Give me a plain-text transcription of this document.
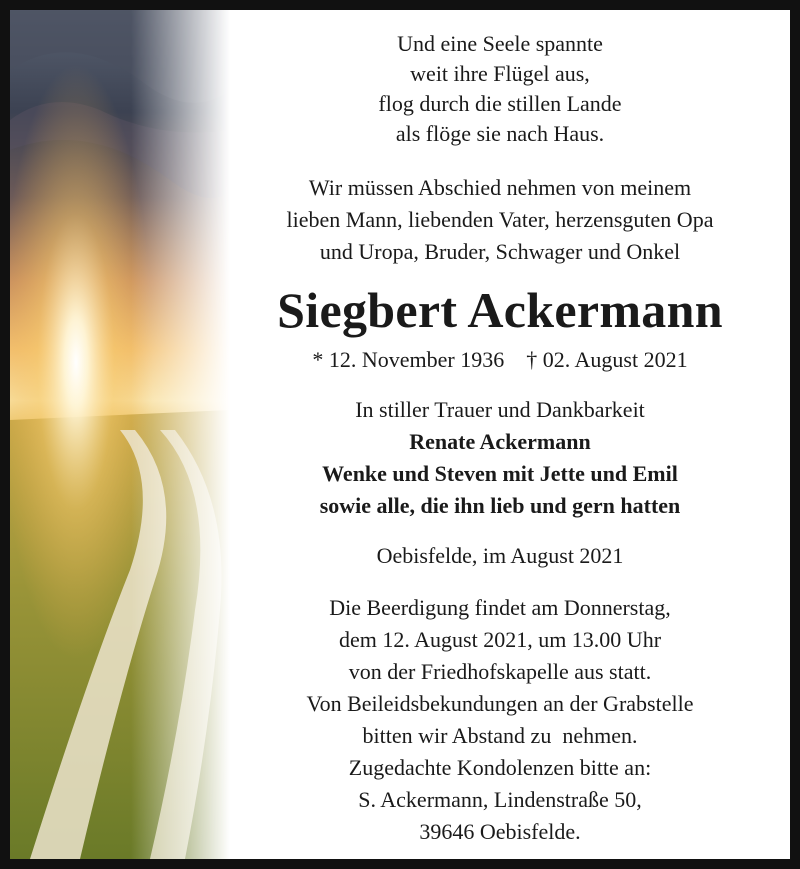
Und eine Seele spannte
weit ihre Flügel aus,
flog durch die stillen Lande
als flöge sie nach Haus.
Wir müssen Abschied nehmen von meinem
lieben Mann, liebenden Vater, herzensguten Opa
und Uropa, Bruder, Schwager und Onkel
Siegbert Ackermann
* 12. November 1936    † 02. August 2021
In stiller Trauer und Dankbarkeit
Renate Ackermann
Wenke und Steven mit Jette und Emil
sowie alle, die ihn lieb und gern hatten
Oebisfelde, im August 2021
Die Beerdigung findet am Donnerstag,
dem 12. August 2021, um 13.00 Uhr
von der Friedhofskapelle aus statt.
Von Beileidsbekundungen an der Grabstelle
bitten wir Abstand zu  nehmen.
Zugedachte Kondolenzen bitte an:
S. Ackermann, Lindenstraße 50,
39646 Oebisfelde.
